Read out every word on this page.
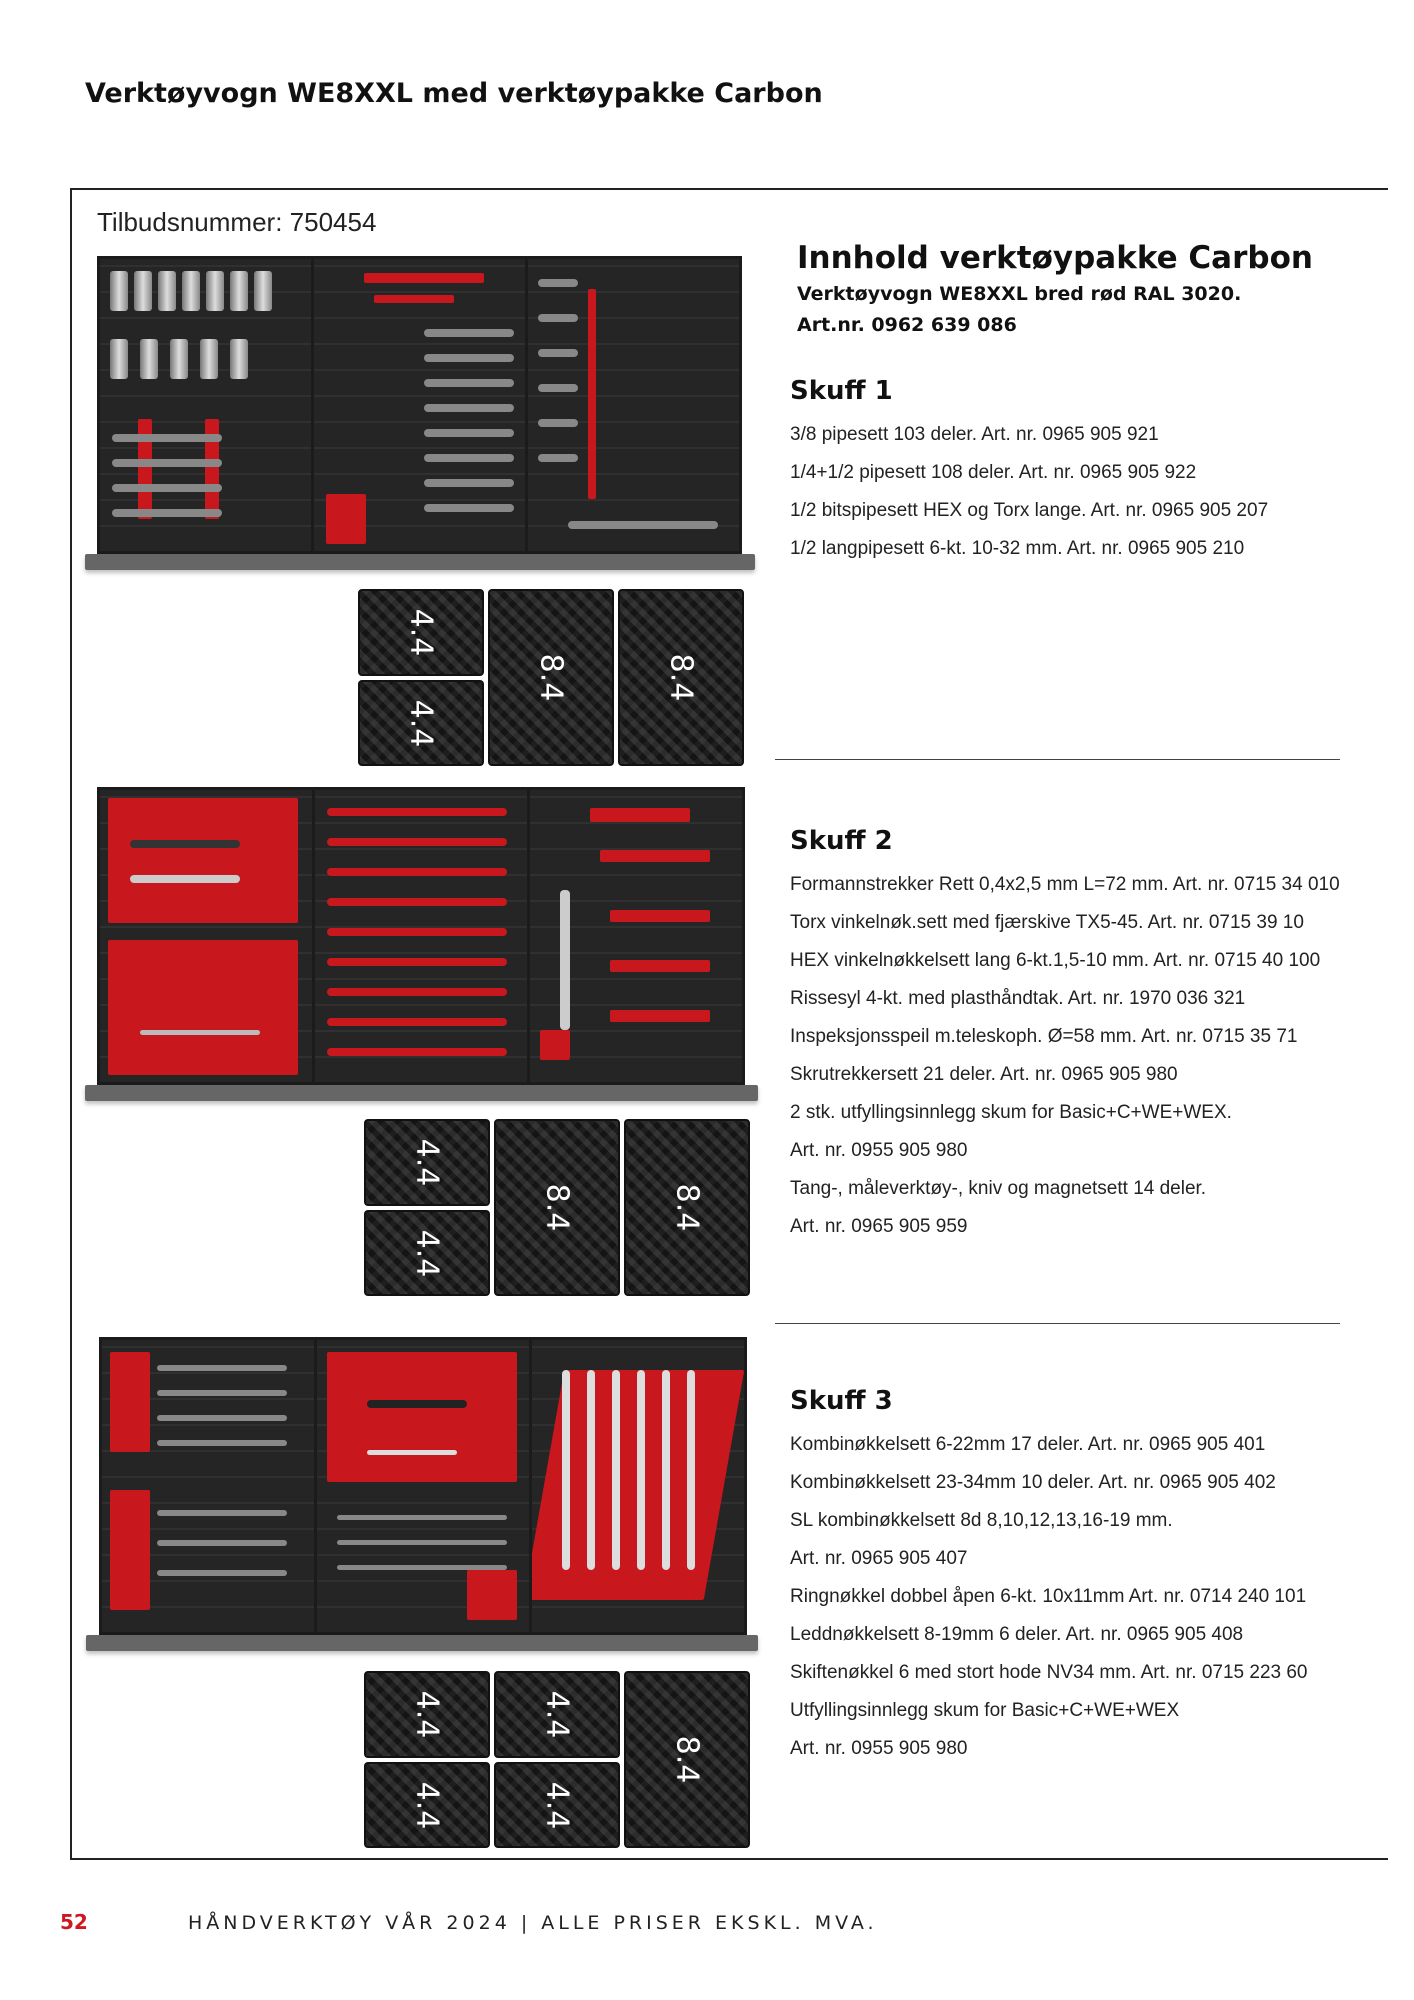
Verktøyvogn WE8XXL med verktøypakke Carbon
Tilbudsnummer: 750454
Innhold verktøypakke Carbon
Verktøyvogn WE8XXL bred rød RAL 3020.
Art.nr. 0962 639 086
4.4
4.4
8.4	8.4
Skuff 1
3/8 pipesett 103 deler. Art. nr. 0965 905 921
1/4+1/2 pipesett 108 deler. Art. nr. 0965 905 922
1/2 bitspipesett HEX og Torx lange. Art. nr. 0965 905 207
1/2 langpipesett 6-kt. 10-32 mm. Art. nr. 0965 905 210
4.4
4.4
8.4	8.4
Skuff 2
Formannstrekker Rett 0,4x2,5 mm L=72 mm. Art. nr. 0715 34 010
Torx vinkelnøk.sett med fjærskive TX5-45. Art. nr. 0715 39 10
HEX vinkelnøkkelsett lang 6-kt.1,5-10 mm. Art. nr. 0715 40 100
Rissesyl 4-kt. med plasthåndtak. Art. nr. 1970 036 321
Inspeksjonsspeil m.teleskoph. Ø=58 mm. Art. nr. 0715 35 71
Skrutrekkersett 21 deler. Art. nr. 0965 905 980
2 stk. utfyllingsinnlegg skum for Basic+C+WE+WEX.
Art. nr. 0955 905 980
Tang-, måleverktøy-, kniv og magnetsett 14 deler.
Art. nr. 0965 905 959
4.4
4.4
4.4
4.4
8.4
Skuff 3
Kombinøkkelsett 6-22mm 17 deler. Art. nr. 0965 905 401
Kombinøkkelsett 23-34mm 10 deler. Art. nr. 0965 905 402
SL kombinøkkelsett 8d 8,10,12,13,16-19 mm.
Art. nr. 0965 905 407
Ringnøkkel dobbel åpen 6-kt. 10x11mm Art. nr. 0714 240 101
Leddnøkkelsett 8-19mm 6 deler. Art. nr. 0965 905 408
Skiftenøkkel 6 med stort hode NV34 mm. Art. nr. 0715 223 60
Utfyllingsinnlegg skum for Basic+C+WE+WEX
Art. nr. 0955 905 980
52	HÅNDVERKTØY VÅR 2024 | ALLE PRISER EKSKL. MVA.
